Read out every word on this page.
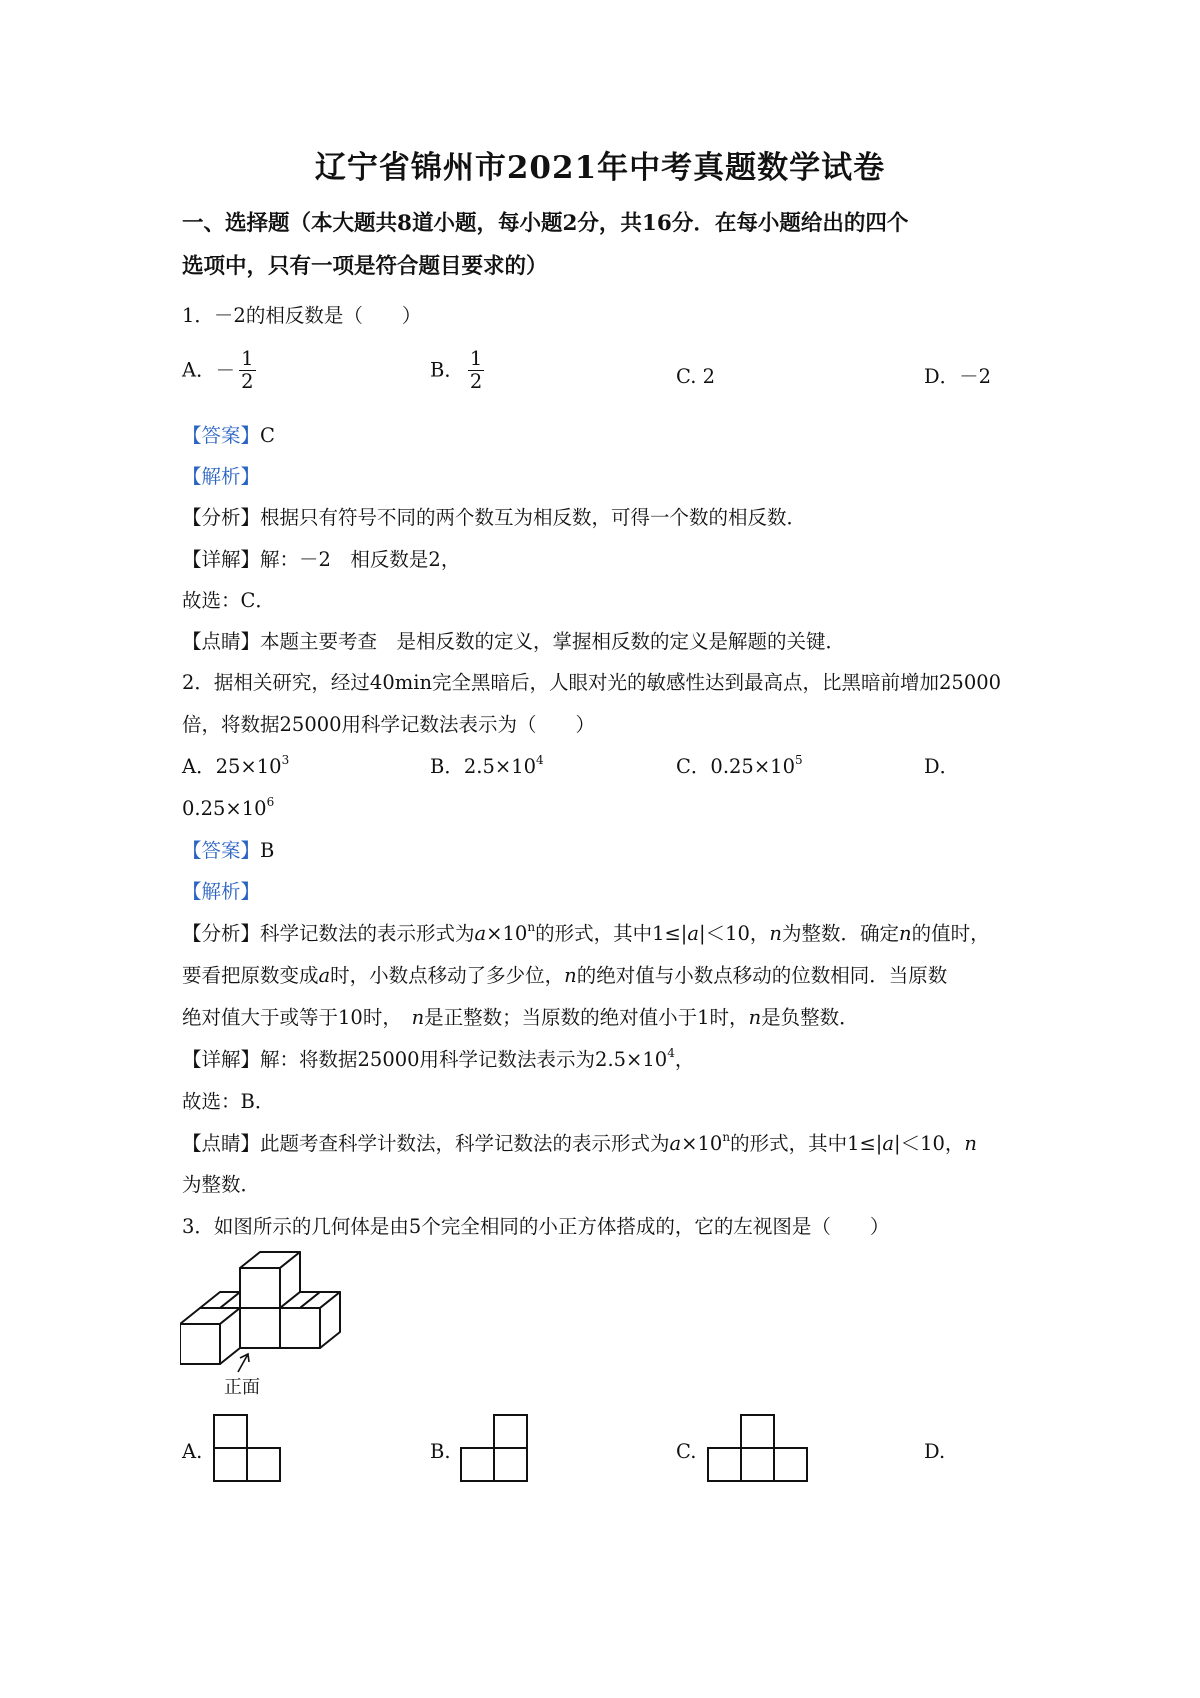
辽宁省锦州市2021年中考真题数学试卷
一、选择题（本大题共8道小题，每小题2分，共16分．在每小题给出的四个
选项中，只有一项是符合题目要求的）
1．－2的相反数是（　　）
A．－ $\frac{1}{2}$	B． $\frac{1}{2}$	C. 2	D．－2
【答案】C
【解析】
【分析】根据只有符号不同的两个数互为相反数，可得一个数的相反数．
【详解】解：－2　相反数是2，
故选：C．
【点睛】本题主要考查　是相反数的定义，掌握相反数的定义是解题的关键．
2．据相关研究，经过40min完全黑暗后，人眼对光的敏感性达到最高点，比黑暗前增加25000
倍，将数据25000用科学记数法表示为（　　）
A．$25\times 10^3$	B．$2.5\times 10^4$	C．$0.25\times 10^5$	D．
$0.25\times 10^6$
【答案】B
【解析】
【分析】科学记数法的表示形式为$a\times 10^n$的形式，其中1≤|a|＜10，n为整数．确定n的值时，
要看把原数变成a时，小数点移动了多少位，n的绝对值与小数点移动的位数相同．当原数
绝对值大于或等于10时，　n是正整数；当原数的绝对值小于1时，n是负整数．
【详解】解：将数据25000用科学记数法表示为$2.5\times 10^4$，
故选：B．
【点睛】此题考查科学计数法，科学记数法的表示形式为$a\times 10^n$的形式，其中1≤|a|＜10，n
为整数．
3．如图所示的几何体是由5个完全相同的小正方体搭成的，它的左视图是（　　）
正面
A.	B.	C.	D.
